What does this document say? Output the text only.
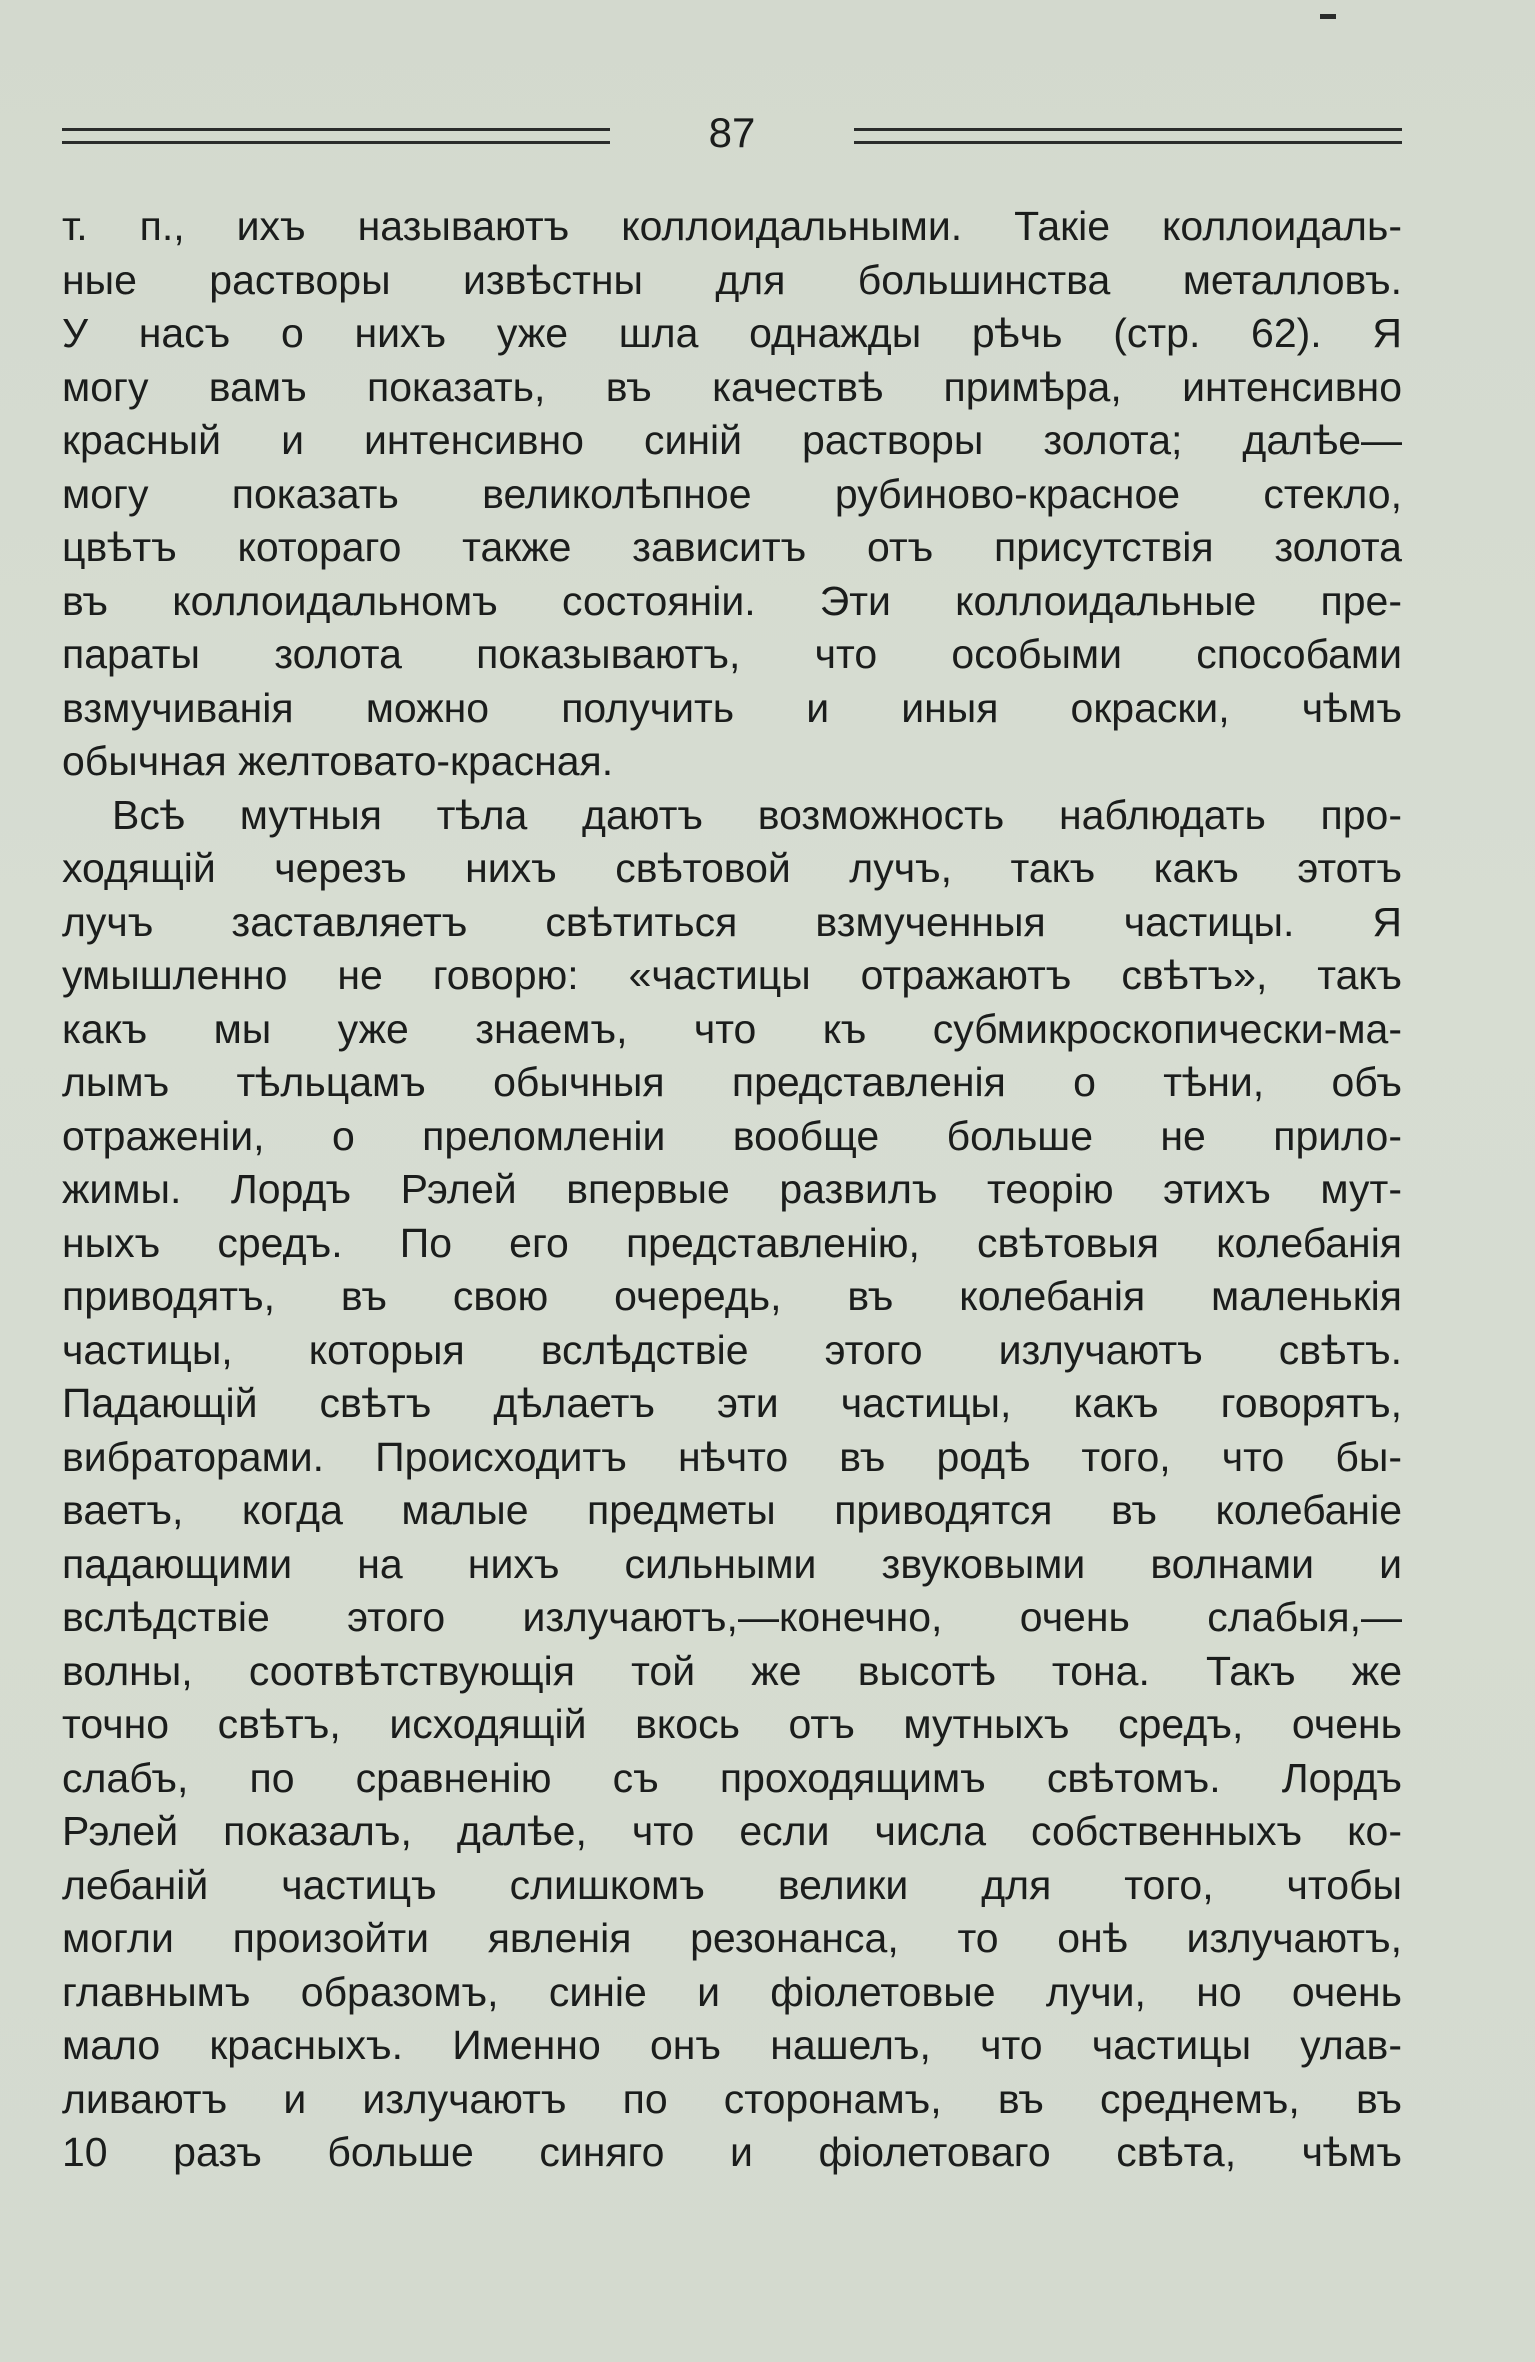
87
т. п., ихъ называютъ коллоидальными. Такіе коллоидаль-
ные растворы извѣстны для большинства металловъ.
У насъ о нихъ уже шла однажды рѣчь (стр. 62). Я
могу вамъ показать, въ качествѣ примѣра, интенсивно
красный и интенсивно синій растворы золота; далѣе—
могу показать великолѣпное рубиново-красное стекло,
цвѣтъ котораго также зависитъ отъ присутствія золота
въ коллоидальномъ состояніи. Эти коллоидальные пре-
параты золота показываютъ, что особыми способами
взмучиванія можно получить и иныя окраски, чѣмъ
обычная желтовато-красная.
Всѣ мутныя тѣла даютъ возможность наблюдать про-
ходящій черезъ нихъ свѣтовой лучъ, такъ какъ этотъ
лучъ заставляетъ свѣтиться взмученныя частицы. Я
умышленно не говорю: «частицы отражаютъ свѣтъ», такъ
какъ мы уже знаемъ, что къ субмикроскопически-ма-
лымъ тѣльцамъ обычныя представленія о тѣни, объ
отраженіи, о преломленіи вообще больше не прило-
жимы. Лордъ Рэлей впервые развилъ теорію этихъ мут-
ныхъ средъ. По его представленію, свѣтовыя колебанія
приводятъ, въ свою очередь, въ колебанія маленькія
частицы, которыя вслѣдствіе этого излучаютъ свѣтъ.
Падающій свѣтъ дѣлаетъ эти частицы, какъ говорятъ,
вибраторами. Происходитъ нѣчто въ родѣ того, что бы-
ваетъ, когда малые предметы приводятся въ колебаніе
падающими на нихъ сильными звуковыми волнами и
вслѣдствіе этого излучаютъ,—конечно, очень слабыя,—
волны, соотвѣтствующія той же высотѣ тона. Такъ же
точно свѣтъ, исходящій вкось отъ мутныхъ средъ, очень
слабъ, по сравненію съ проходящимъ свѣтомъ. Лордъ
Рэлей показалъ, далѣе, что если числа собственныхъ ко-
лебаній частицъ слишкомъ велики для того, чтобы
могли произойти явленія резонанса, то онѣ излучаютъ,
главнымъ образомъ, синіе и фіолетовые лучи, но очень
мало красныхъ. Именно онъ нашелъ, что частицы улав-
ливаютъ и излучаютъ по сторонамъ, въ среднемъ, въ
10 разъ больше синяго и фіолетоваго свѣта, чѣмъ
